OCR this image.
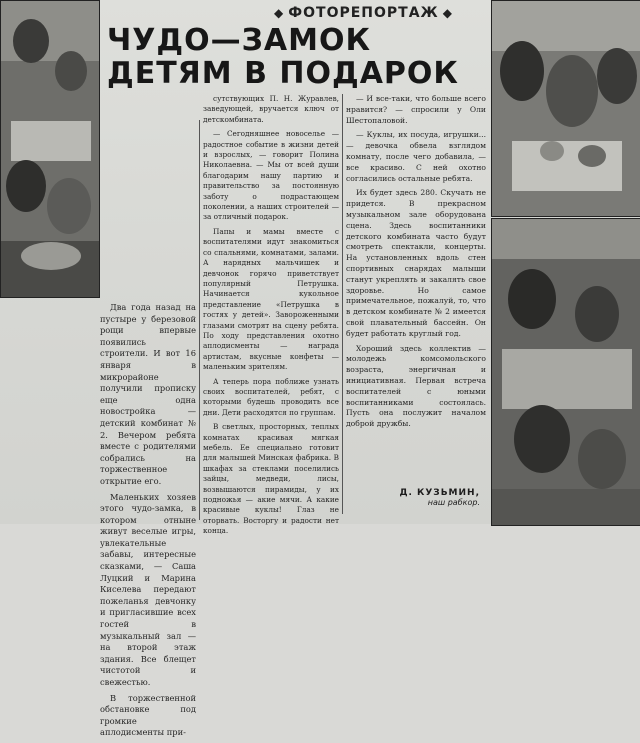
◆ ФОТОРЕПОРТАЖ ◆
ЧУДО—ЗАМОК
ДЕТЯМ В ПОДАРОК

Два года назад на пустыре у березовой рощи впервые появились строители. И вот 16 января в микрорайоне получили прописку еще одна новостройка — детский комбинат № 2. Вечером ребята вместе с родителями собрались на торжественное открытие его.

Маленьких хозяев этого чудо-замка, в котором отныне живут веселые игры, увлекательные забавы, интересные сказками, — Саша Луцкий и Марина Киселева передают пожеланья девчонку и пригласившие всех гостей в музыкальный зал — на второй этаж здания. Все блещет чистотой и свежестью.

В торжественной обстановке под громкие аплодисменты при-

сутствующих П. Н. Журавлев, заведующей, вручается ключ от детскомбината.

— Сегодняшнее новоселье — радостное событие в жизни детей и взрослых, — говорит Полина Николаевна. — Мы от всей души благодарим нашу партию и правительство за постоянную заботу о подрастающем поколении, а наших строителей — за отличный подарок.

Папы и мамы вместе с воспитателями идут знакомиться со спальнями, комнатами, залами. А нарядных мальчишек и девчонок горячо приветствует популярный Петрушка. Начинается кукольное представление «Петрушка в гостях у детей». Завороженными глазами смотрят на сцену ребята. По ходу представления охотно аплодисменты — наградa артистам, вкусные конфеты — маленьким зрителям.

А теперь пора поближе узнать своих воспитателей, ребят, с которыми будешь проводить все дни. Дети расходятся по группам.

В светлых, просторных, теплых комнатах красивая мягкая мебель. Ее специально готовит для малышей Минская фабрика. В шкафах за стеклами поселились зайцы, медведи, лисы, возвышаются пирамиды, у их подножья — акие мячи. А какие красивые куклы! Глаз не оторвать. Восторгу и радости нет конца.

— И все-таки, что больше всего нравится? — спросили у Оли Шестопаловой.

— Куклы, их посуда, игрушки... — девочка обвела взглядом комнату, после чего добавила, — все красиво. С ней охотно согласились остальные ребята.

Их будет здесь 280. Скучать не придется. В прекрасном музыкальном зале оборудована сцена. Здесь воспитанники детского комбината часто будут смотреть спектакли, концерты. На установленных вдоль стен спортивных снарядах малыши станут укреплять и закалять свое здоровье. Но самое примечательное, пожалуй, то, что в детском комбинате № 2 имеется свой плавательный бассейн. Он будет работать круглый год.

Хороший здесь коллектив — молодежь комсомольского возраста, энергичная и инициативная. Первая встреча воспитателей с юными воспитанниками состоялась. Пусть она послужит началом доброй дружбы.

Д. КУЗЬМИН,
наш рабкор.
